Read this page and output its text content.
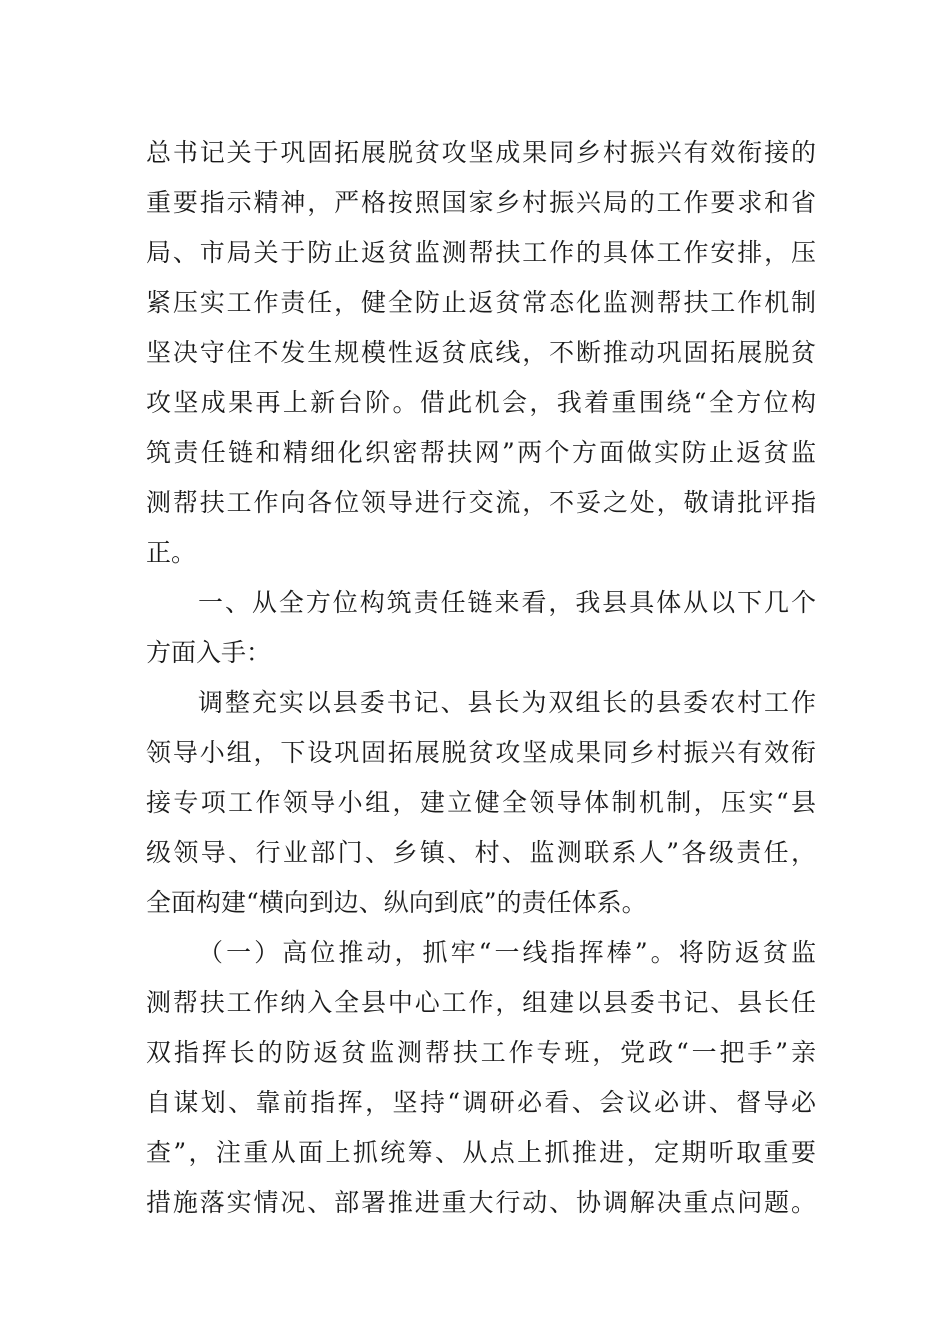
总书记关于巩固拓展脱贫攻坚成果同乡村振兴有效衔接的
重要指示精神，严格按照国家乡村振兴局的工作要求和省
局、市局关于防止返贫监测帮扶工作的具体工作安排，压
紧压实工作责任，健全防止返贫常态化监测帮扶工作机制
坚决守住不发生规模性返贫底线，不断推动巩固拓展脱贫
攻坚成果再上新台阶。借此机会，我着重围绕“全方位构
筑责任链和精细化织密帮扶网”两个方面做实防止返贫监
测帮扶工作向各位领导进行交流，不妥之处，敬请批评指
正。
一、从全方位构筑责任链来看，我县具体从以下几个
方面入手：
调整充实以县委书记、县长为双组长的县委农村工作
领导小组，下设巩固拓展脱贫攻坚成果同乡村振兴有效衔
接专项工作领导小组，建立健全领导体制机制，压实“县
级领导、行业部门、乡镇、村、监测联系人”各级责任，
全面构建“横向到边、纵向到底”的责任体系。
（一）高位推动，抓牢“一线指挥棒”。将防返贫监
测帮扶工作纳入全县中心工作，组建以县委书记、县长任
双指挥长的防返贫监测帮扶工作专班，党政“一把手”亲
自谋划、靠前指挥，坚持“调研必看、会议必讲、督导必
查”，注重从面上抓统筹、从点上抓推进，定期听取重要
措施落实情况、部署推进重大行动、协调解决重点问题。
